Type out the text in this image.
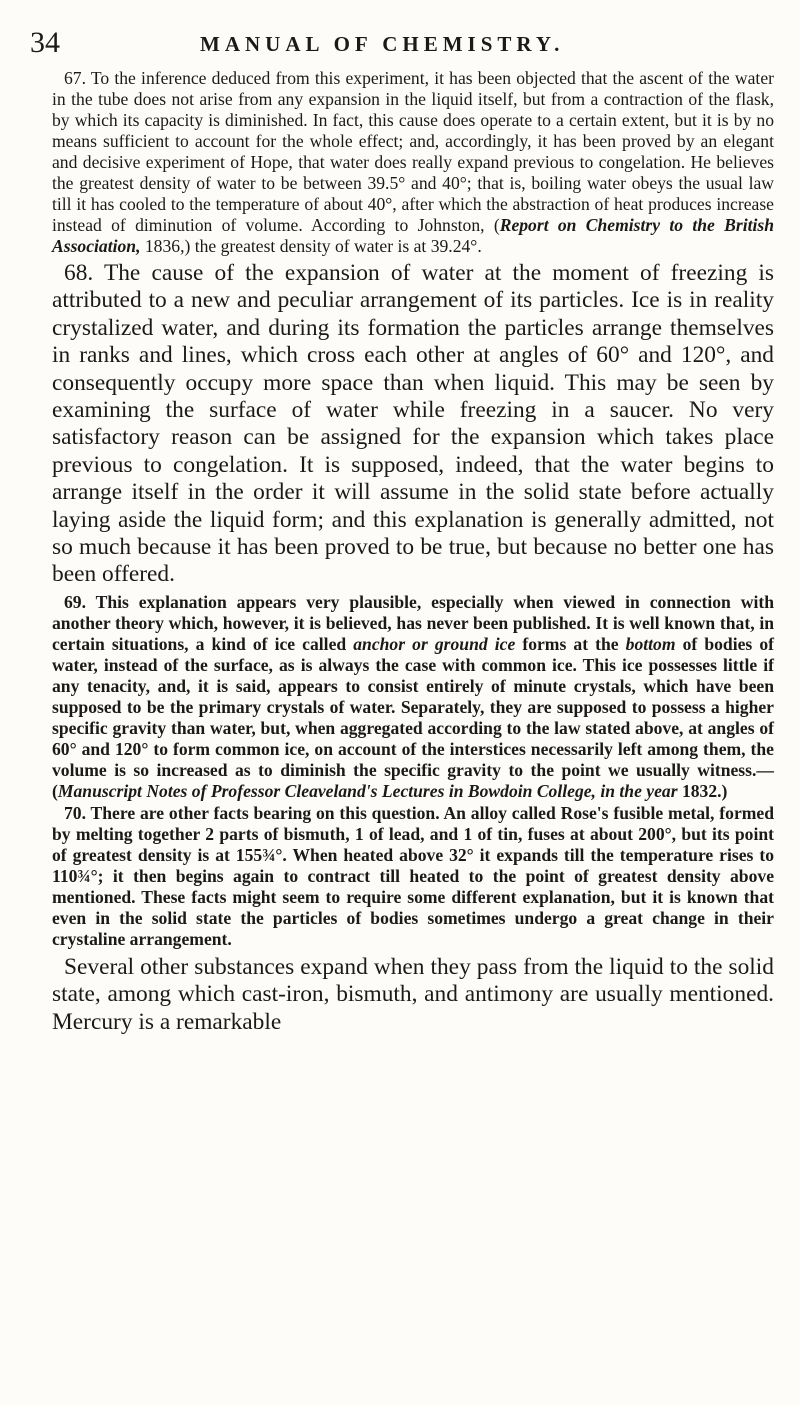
34	MANUAL OF CHEMISTRY.

67. To the inference deduced from this experiment, it has been objected that the ascent of the water in the tube does not arise from any expansion in the liquid itself, but from a contraction of the flask, by which its capacity is diminished. In fact, this cause does operate to a certain extent, but it is by no means sufficient to account for the whole effect; and, accordingly, it has been proved by an elegant and decisive experiment of Hope, that water does really expand previous to congelation. He believes the greatest density of water to be between 39.5° and 40°; that is, boiling water obeys the usual law till it has cooled to the temperature of about 40°, after which the abstraction of heat produces increase instead of diminution of volume. According to Johnston, (Report on Chemistry to the British Association, 1836,) the greatest density of water is at 39.24°.

68. The cause of the expansion of water at the moment of freezing is attributed to a new and peculiar arrangement of its particles. Ice is in reality crystalized water, and during its formation the particles arrange themselves in ranks and lines, which cross each other at angles of 60° and 120°, and consequently occupy more space than when liquid. This may be seen by examining the surface of water while freezing in a saucer. No very satisfactory reason can be assigned for the expansion which takes place previous to congelation. It is supposed, indeed, that the water begins to arrange itself in the order it will assume in the solid state before actually laying aside the liquid form; and this explanation is generally admitted, not so much because it has been proved to be true, but because no better one has been offered.

69. This explanation appears very plausible, especially when viewed in connection with another theory which, however, it is believed, has never been published. It is well known that, in certain situations, a kind of ice called anchor or ground ice forms at the bottom of bodies of water, instead of the surface, as is always the case with common ice. This ice possesses little if any tenacity, and, it is said, appears to consist entirely of minute crystals, which have been supposed to be the primary crystals of water. Separately, they are supposed to possess a higher specific gravity than water, but, when aggregated according to the law stated above, at angles of 60° and 120° to form common ice, on account of the interstices necessarily left among them, the volume is so increased as to diminish the specific gravity to the point we usually witness.—(Manuscript Notes of Professor Cleaveland's Lectures in Bowdoin College, in the year 1832.)

70. There are other facts bearing on this question. An alloy called Rose's fusible metal, formed by melting together 2 parts of bismuth, 1 of lead, and 1 of tin, fuses at about 200°, but its point of greatest density is at 155¾°. When heated above 32° it expands till the temperature rises to 110¾°; it then begins again to contract till heated to the point of greatest density above mentioned. These facts might seem to require some different explanation, but it is known that even in the solid state the particles of bodies sometimes undergo a great change in their crystaline arrangement.

Several other substances expand when they pass from the liquid to the solid state, among which cast-iron, bismuth, and antimony are usually mentioned. Mercury is a remarkable
